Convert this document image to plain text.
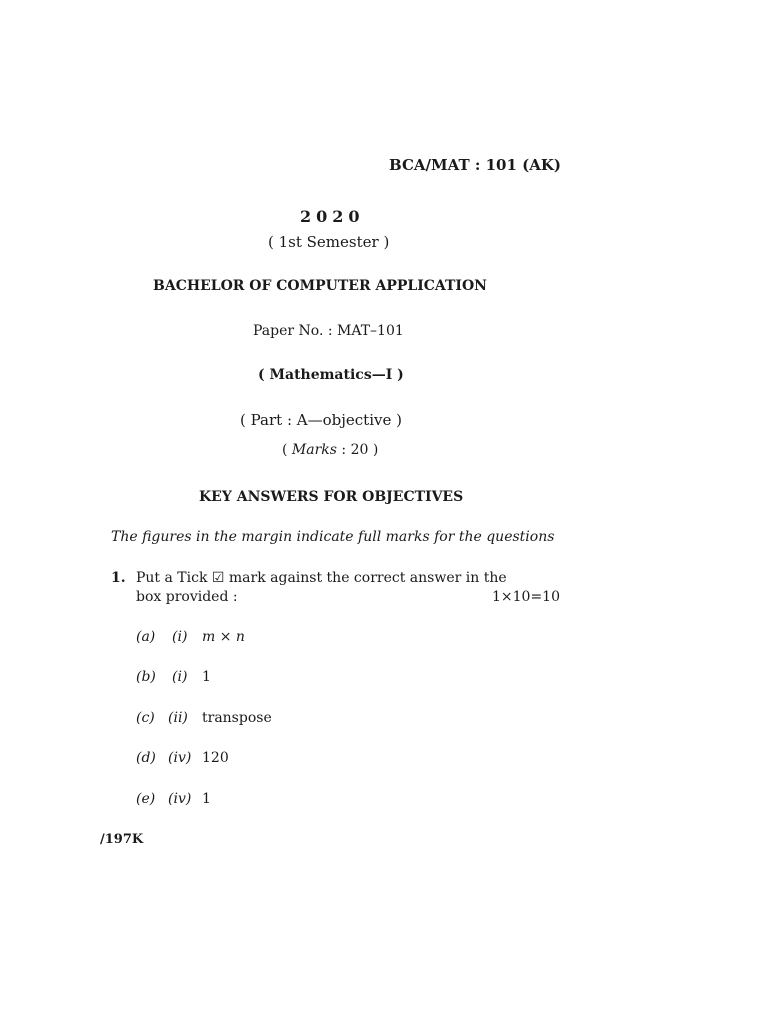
BCA/MAT : 101 (AK)
2020
( 1st Semester )
BACHELOR OF COMPUTER APPLICATION
Paper No. : MAT–101
( Mathematics—I )
( Part : A—objective )
( Marks : 20 )
KEY ANSWERS FOR OBJECTIVES
The figures in the margin indicate full marks for the questions
1. Put a Tick ☑ mark against the correct answer in the
box provided :	1×10=10
(a) (i) m × n
(b) (i) 1
(c) (ii) transpose
(d) (iv) 120
(e) (iv) 1
/197K
